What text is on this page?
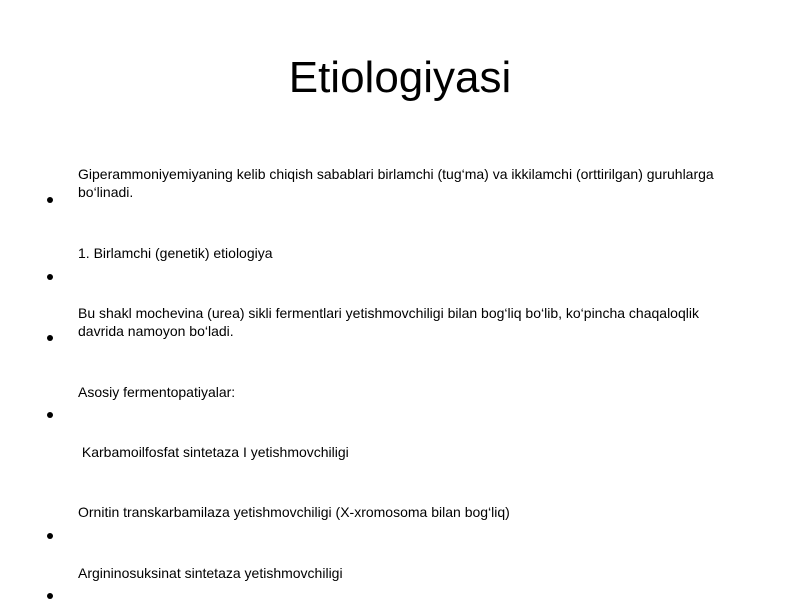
Etiologiyasi
Giperammoniyemiyaning kelib chiqish sabablari birlamchi (tug‘ma) va ikkilamchi (orttirilgan) guruhlarga bo‘linadi.
1. Birlamchi (genetik) etiologiya
Bu shakl mochevina (urea) sikli fermentlari yetishmovchiligi bilan bog‘liq bo‘lib, ko‘pincha chaqaloqlik davrida namoyon bo‘ladi.
Asosiy fermentopatiyalar:
Karbamoilfosfat sintetaza I yetishmovchiligi
Ornitin transkarbamilaza yetishmovchiligi (X-xromosoma bilan bog‘liq)
Argininosuksinat sintetaza yetishmovchiligi
